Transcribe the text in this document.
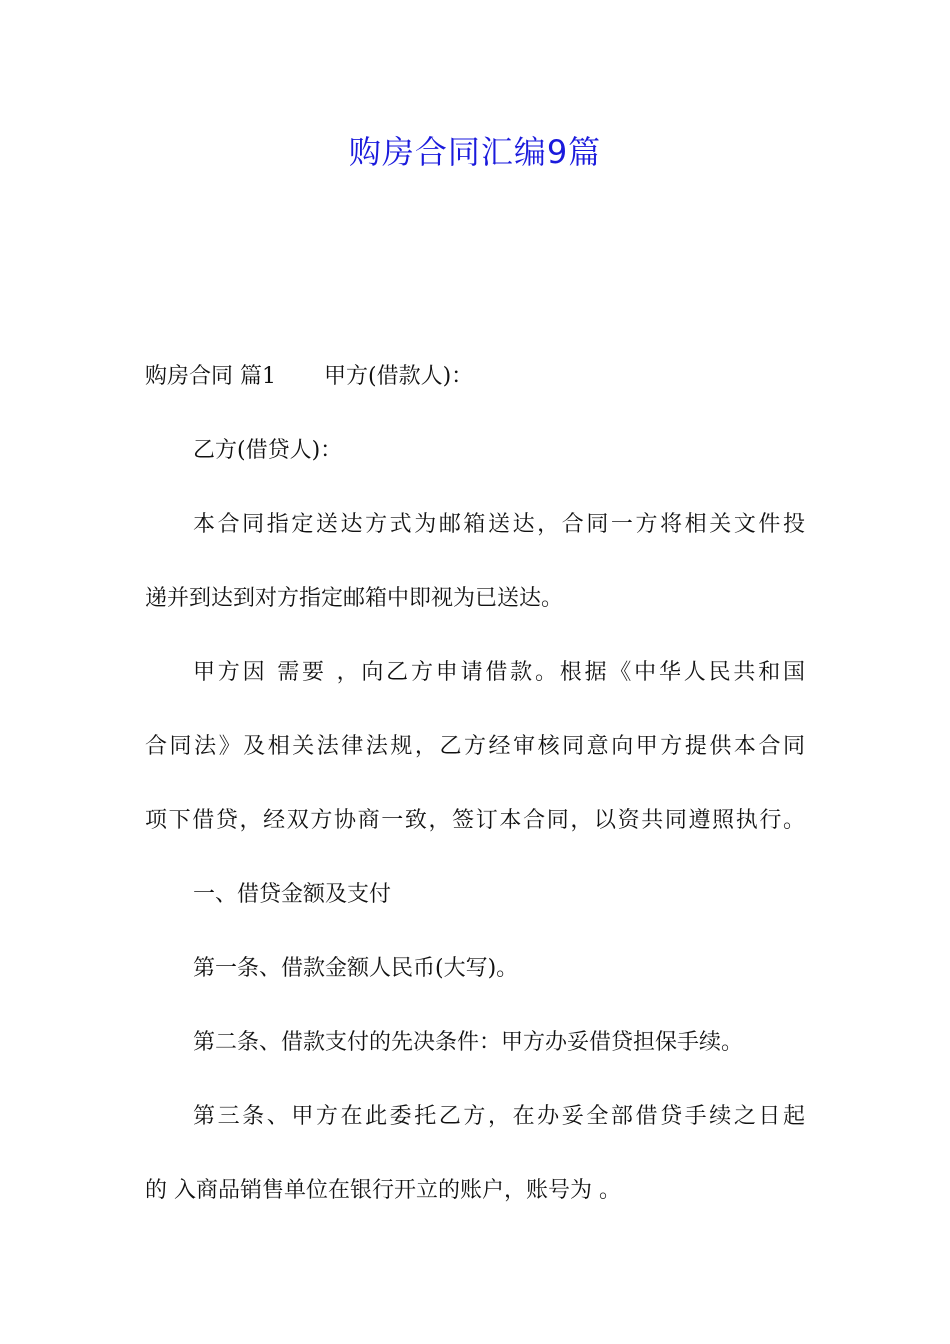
购房合同汇编9篇
购房合同 篇1 甲方(借款人)：
乙方(借贷人)：
本合同指定送达方式为邮箱送达，合同一方将相关文件投
递并到达到对方指定邮箱中即视为已送达。
甲方因 需要 ，向乙方申请借款。根据《中华人民共和国
合同法》及相关法律法规，乙方经审核同意向甲方提供本合同
项下借贷，经双方协商一致，签订本合同，以资共同遵照执行。
一、借贷金额及支付
第一条、借款金额人民币(大写)。
第二条、借款支付的先决条件：甲方办妥借贷担保手续。
第三条、甲方在此委托乙方，在办妥全部借贷手续之日起
的 入商品销售单位在银行开立的账户，账号为 。
